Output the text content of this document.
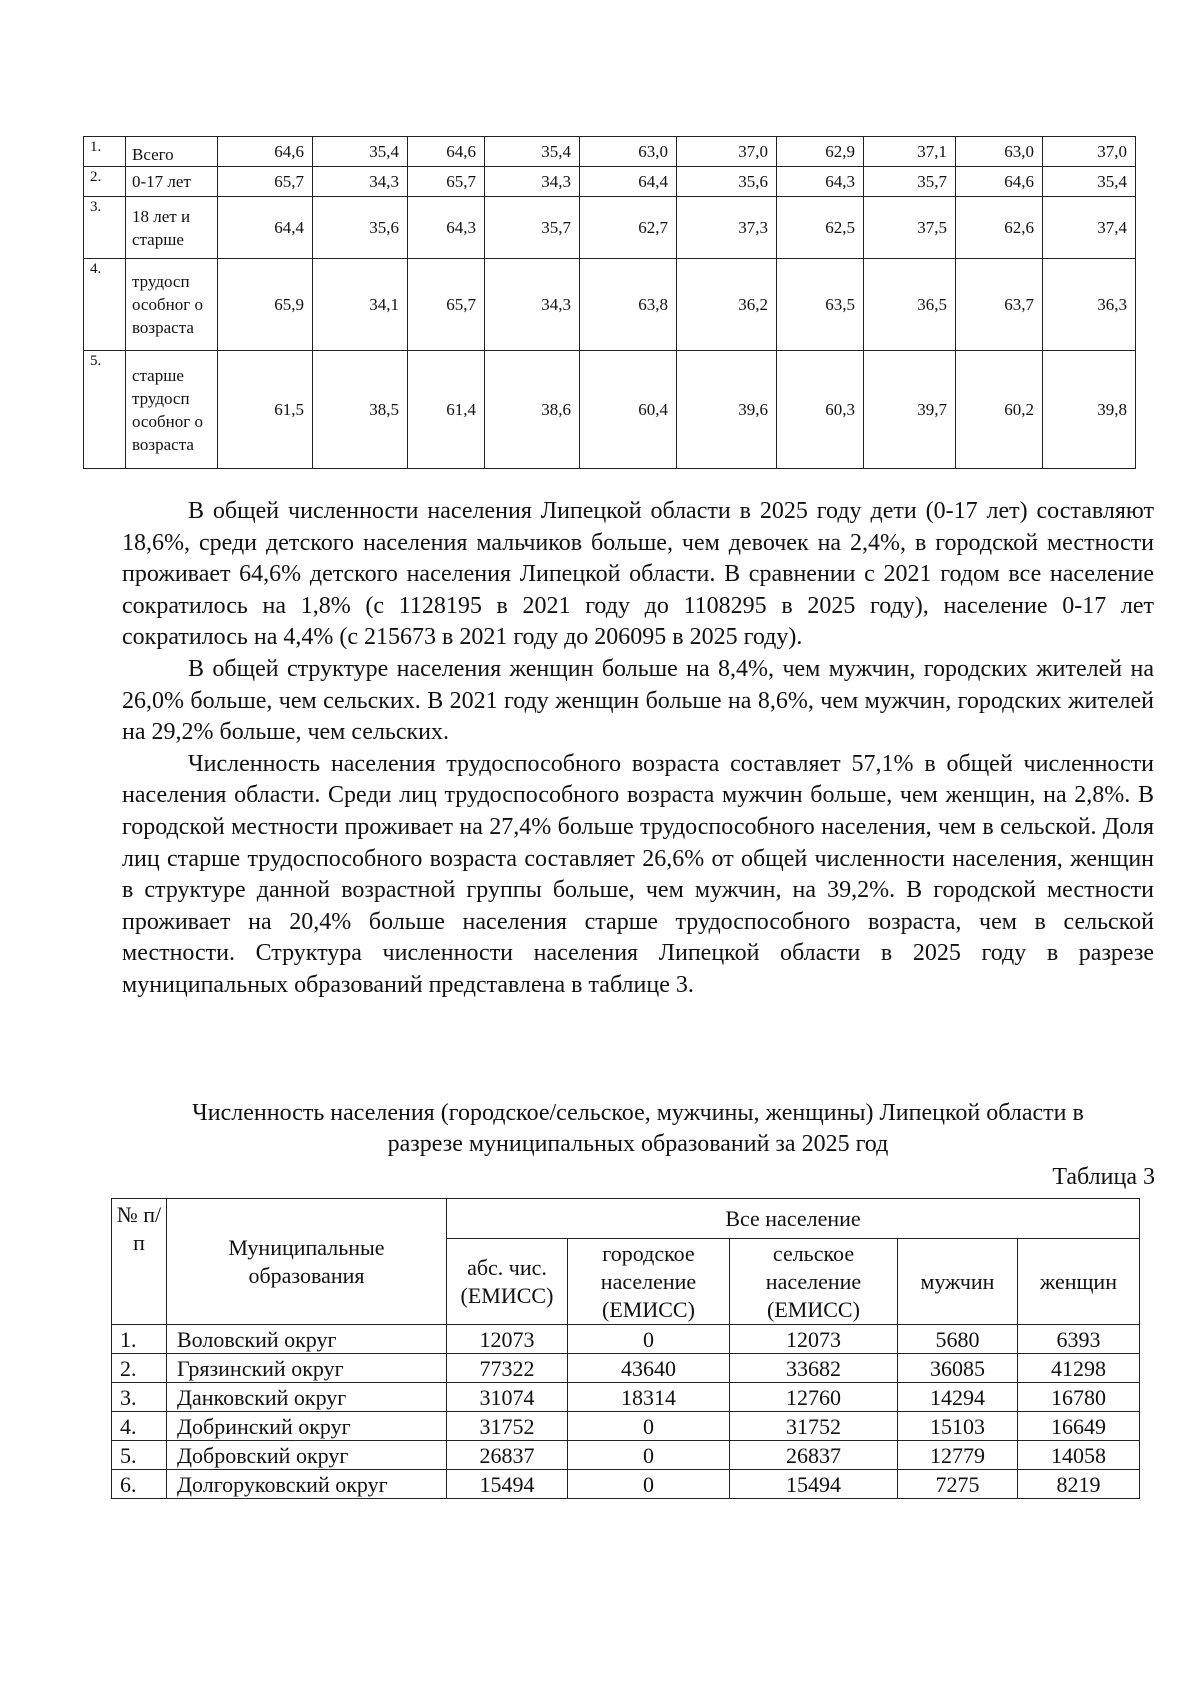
1.	Всего	64,6	35,4	64,6	35,4	63,0	37,0	62,9	37,1	63,0	37,0
2.	0-17 лет	65,7	34,3	65,7	34,3	64,4	35,6	64,3	35,7	64,6	35,4
3.	18 лет и старше	64,4	35,6	64,3	35,7	62,7	37,3	62,5	37,5	62,6	37,4
4.	трудосп особног о возраста	65,9	34,1	65,7	34,3	63,8	36,2	63,5	36,5	63,7	36,3
5.	старше трудосп особног о возраста	61,5	38,5	61,4	38,6	60,4	39,6	60,3	39,7	60,2	39,8

В общей численности населения Липецкой области в 2025 году дети (0-17 лет) составляют 18,6%, среди детского населения мальчиков больше, чем девочек на 2,4%, в городской местности проживает 64,6% детского населения Липецкой области. В сравнении с 2021 годом все население сократилось на 1,8% (с 1128195 в 2021 году до 1108295 в 2025 году), население 0-17 лет сократилось на 4,4% (с 215673 в 2021 году до 206095 в 2025 году).

В общей структуре населения женщин больше на 8,4%, чем мужчин, городских жителей на 26,0% больше, чем сельских. В 2021 году женщин больше на 8,6%, чем мужчин, городских жителей на 29,2% больше, чем сельских.

Численность населения трудоспособного возраста составляет 57,1% в общей численности населения области. Среди лиц трудоспособного возраста мужчин больше, чем женщин, на 2,8%. В городской местности проживает на 27,4% больше трудоспособного населения, чем в сельской. Доля лиц старше трудоспособного возраста составляет 26,6% от общей численности населения, женщин в структуре данной возрастной группы больше, чем мужчин, на 39,2%. В городской местности проживает на 20,4% больше населения старше трудоспособного возраста, чем в сельской местности. Структура численности населения Липецкой области в 2025 году в разрезе муниципальных образований представлена в таблице 3.

Численность населения (городское/сельское, мужчины, женщины) Липецкой области в
разрезе муниципальных образований за 2025 год
Таблица 3
№ п/п	Муниципальные образования	Все население				
		абс. чис. (ЕМИСС)	городское население (ЕМИСС)	сельское население (ЕМИСС)	мужчин	женщин
1.	Воловский округ	12073	0	12073	5680	6393
2.	Грязинский округ	77322	43640	33682	36085	41298
3.	Данковский округ	31074	18314	12760	14294	16780
4.	Добринский округ	31752	0	31752	15103	16649
5.	Добровский округ	26837	0	26837	12779	14058
6.	Долгоруковский округ	15494	0	15494	7275	8219
